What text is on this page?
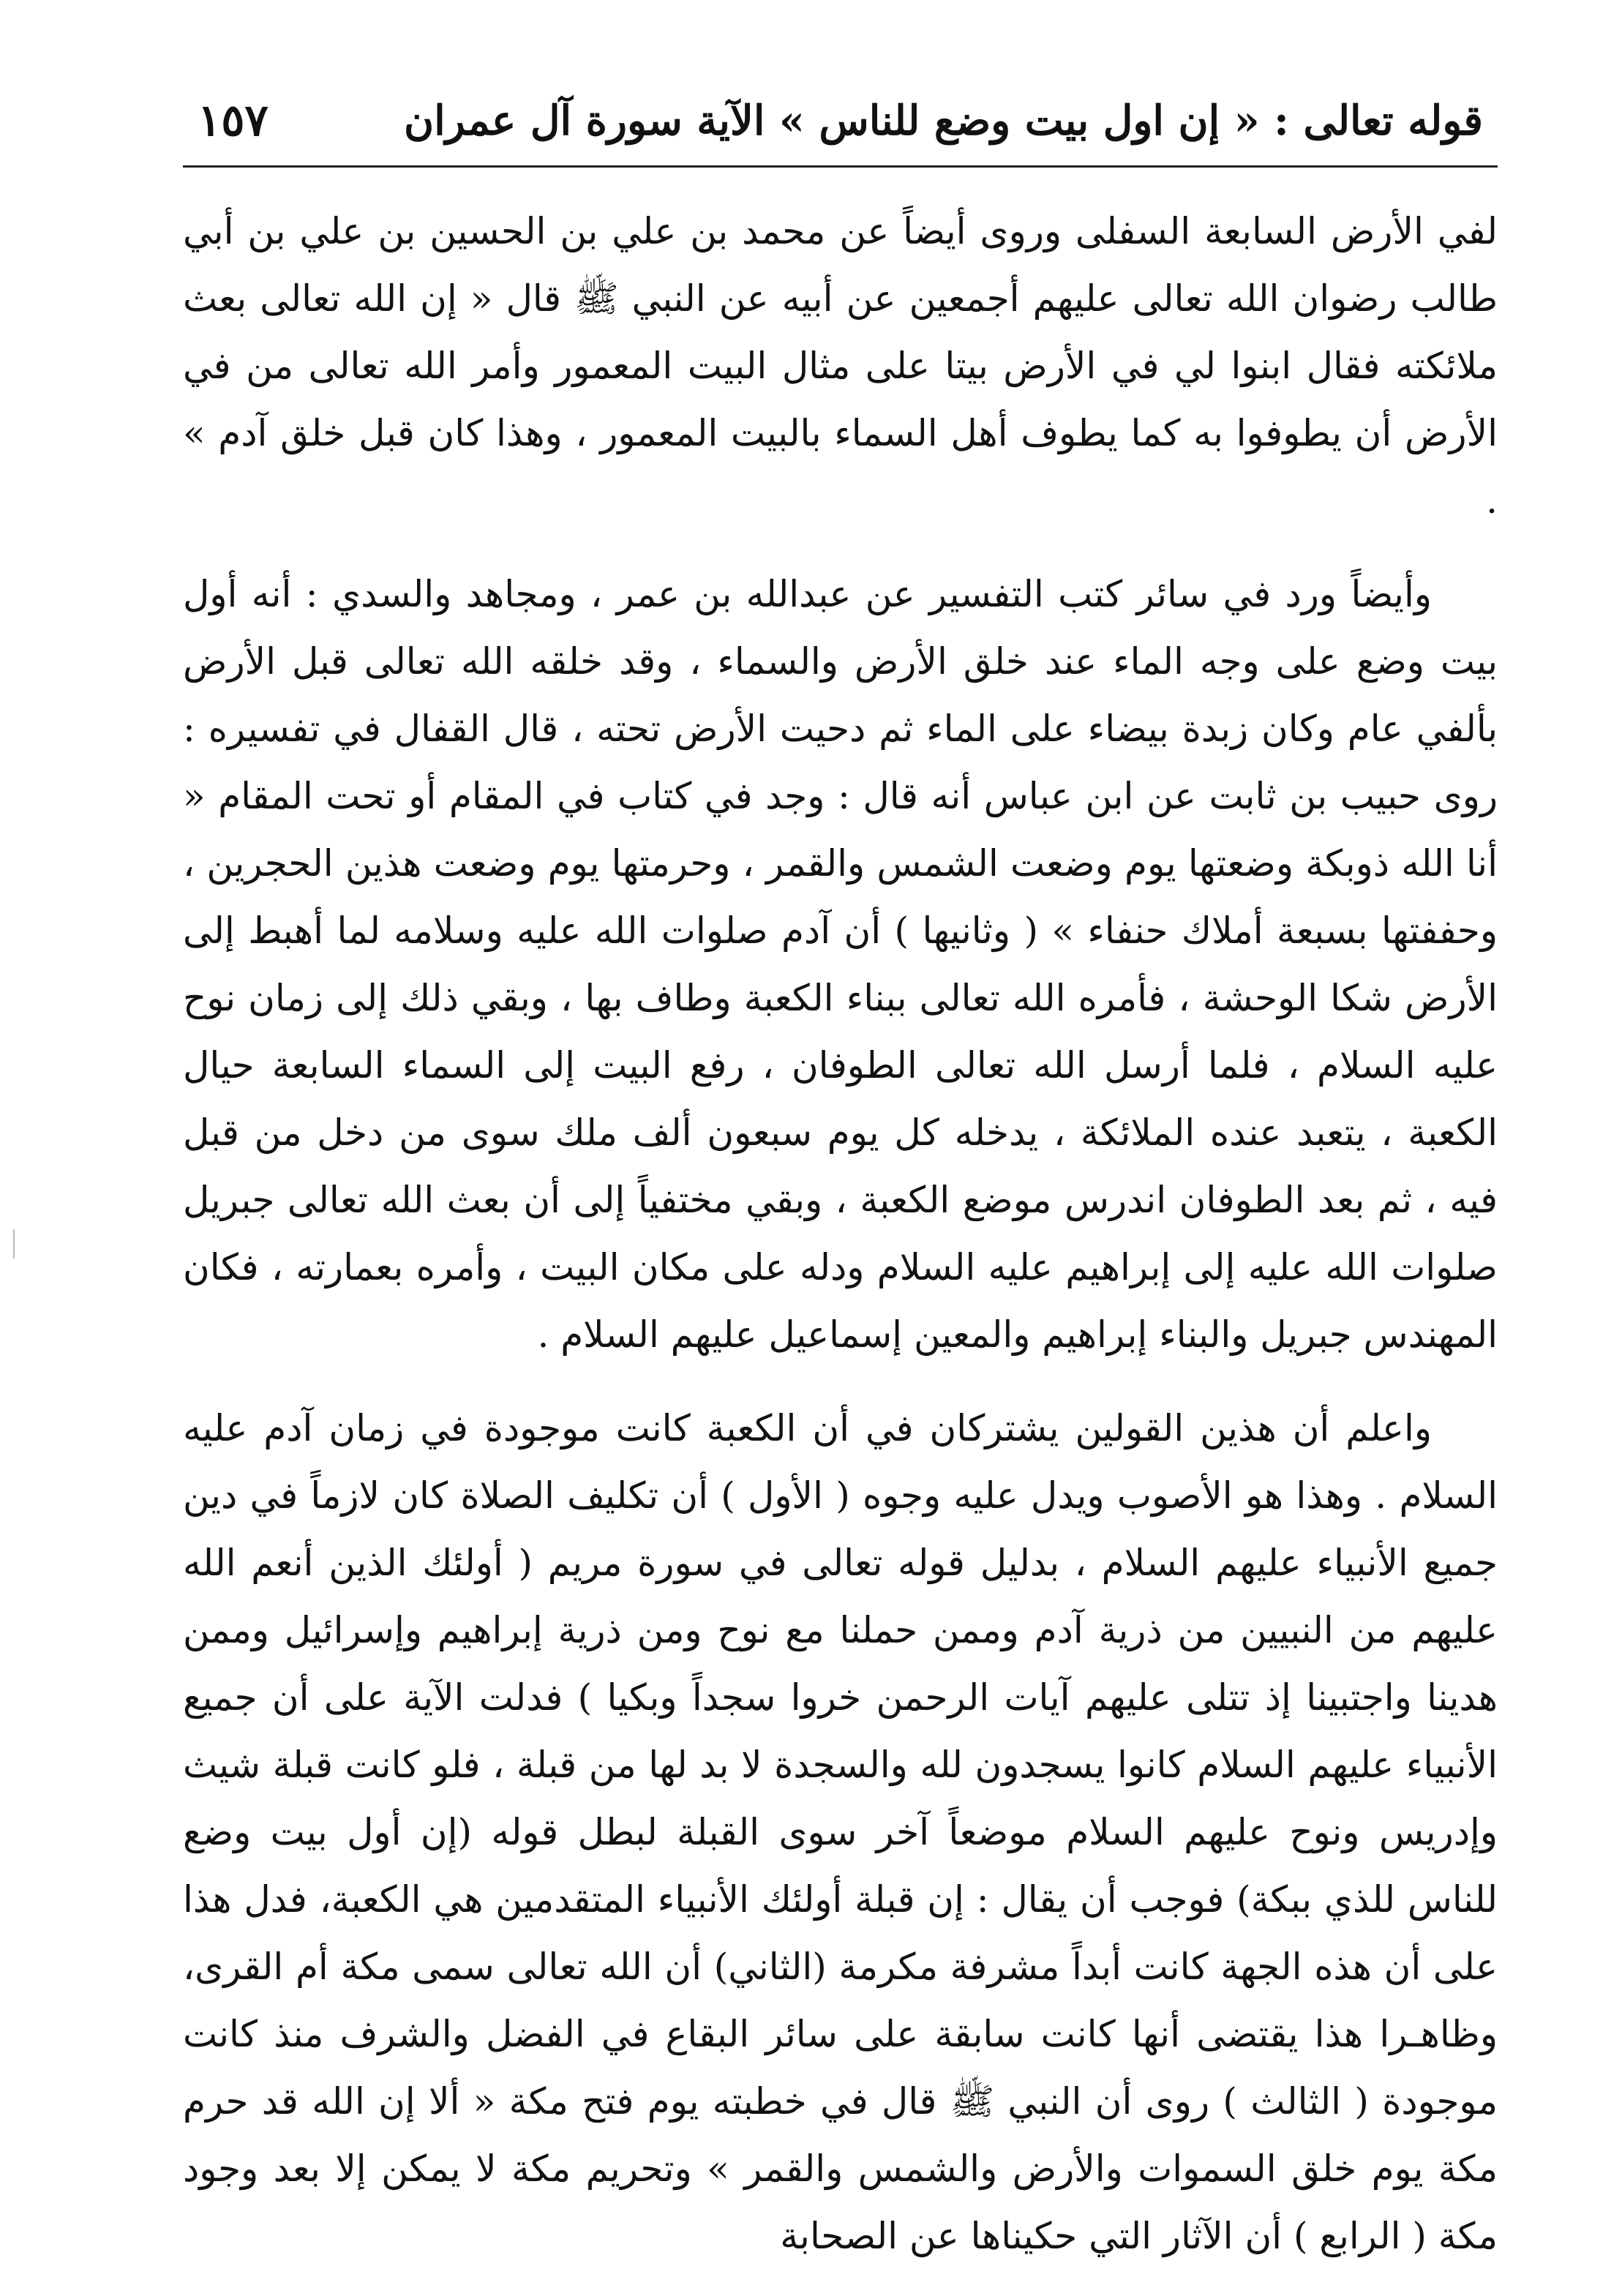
قوله تعالى : « إن اول بيت وضع للناس » الآية سورة آل عمران
١٥٧

لفي الأرض السابعة السفلى وروى أيضاً عن محمد بن علي بن الحسين بن علي بن أبي طالب رضوان الله تعالى عليهم أجمعين عن أبيه عن النبي ﷺ قال « إن الله تعالى بعث ملائكته فقال ابنوا لي في الأرض بيتا على مثال البيت المعمور وأمر الله تعالى من في الأرض أن يطوفوا به كما يطوف أهل السماء بالبيت المعمور ، وهذا كان قبل خلق آدم » .

وأيضاً ورد في سائر كتب التفسير عن عبدالله بن عمر ، ومجاهد والسدي : أنه أول بيت وضع على وجه الماء عند خلق الأرض والسماء ، وقد خلقه الله تعالى قبل الأرض بألفي عام وكان زبدة بيضاء على الماء ثم دحيت الأرض تحته ، قال القفال في تفسيره : روى حبيب بن ثابت عن ابن عباس أنه قال : وجد في كتاب في المقام أو تحت المقام « أنا الله ذوبكة وضعتها يوم وضعت الشمس والقمر ، وحرمتها يوم وضعت هذين الحجرين ، وحففتها بسبعة أملاك حنفاء » ( وثانيها ) أن آدم صلوات الله عليه وسلامه لما أهبط إلى الأرض شكا الوحشة ، فأمره الله تعالى ببناء الكعبة وطاف بها ، وبقي ذلك إلى زمان نوح عليه السلام ، فلما أرسل الله تعالى الطوفان ، رفع البيت إلى السماء السابعة حيال الكعبة ، يتعبد عنده الملائكة ، يدخله كل يوم سبعون ألف ملك سوى من دخل من قبل فيه ، ثم بعد الطوفان اندرس موضع الكعبة ، وبقي مختفياً إلى أن بعث الله تعالى جبريل صلوات الله عليه إلى إبراهيم عليه السلام ودله على مكان البيت ، وأمره بعمارته ، فكان المهندس جبريل والبناء إبراهيم والمعين إسماعيل عليهم السلام .

واعلم أن هذين القولين يشتركان في أن الكعبة كانت موجودة في زمان آدم عليه السلام . وهذا هو الأصوب ويدل عليه وجوه ( الأول ) أن تكليف الصلاة كان لازماً في دين جميع الأنبياء عليهم السلام ، بدليل قوله تعالى في سورة مريم ( أولئك الذين أنعم الله عليهم من النبيين من ذرية آدم وممن حملنا مع نوح ومن ذرية إبراهيم وإسرائيل وممن هدينا واجتبينا إذ تتلى عليهم آيات الرحمن خروا سجداً وبكيا ) فدلت الآية على أن جميع الأنبياء عليهم السلام كانوا يسجدون لله والسجدة لا بد لها من قبلة ، فلو كانت قبلة شيث وإدريس ونوح عليهم السلام موضعاً آخر سوى القبلة لبطل قوله (إن أول بيت وضع للناس للذي ببكة) فوجب أن يقال : إن قبلة أولئك الأنبياء المتقدمين هي الكعبة، فدل هذا على أن هذه الجهة كانت أبداً مشرفة مكرمة (الثاني) أن الله تعالى سمى مكة أم القرى، وظاهـرا هذا يقتضى أنها كانت سابقة على سائر البقاع في الفضل والشرف منذ كانت موجودة ( الثالث ) روى أن النبي ﷺ قال في خطبته يوم فتح مكة « ألا إن الله قد حرم مكة يوم خلق السموات والأرض والشمس والقمر » وتحريم مكة لا يمكن إلا بعد وجود مكة ( الرابع ) أن الآثار التي حكيناها عن الصحابة
